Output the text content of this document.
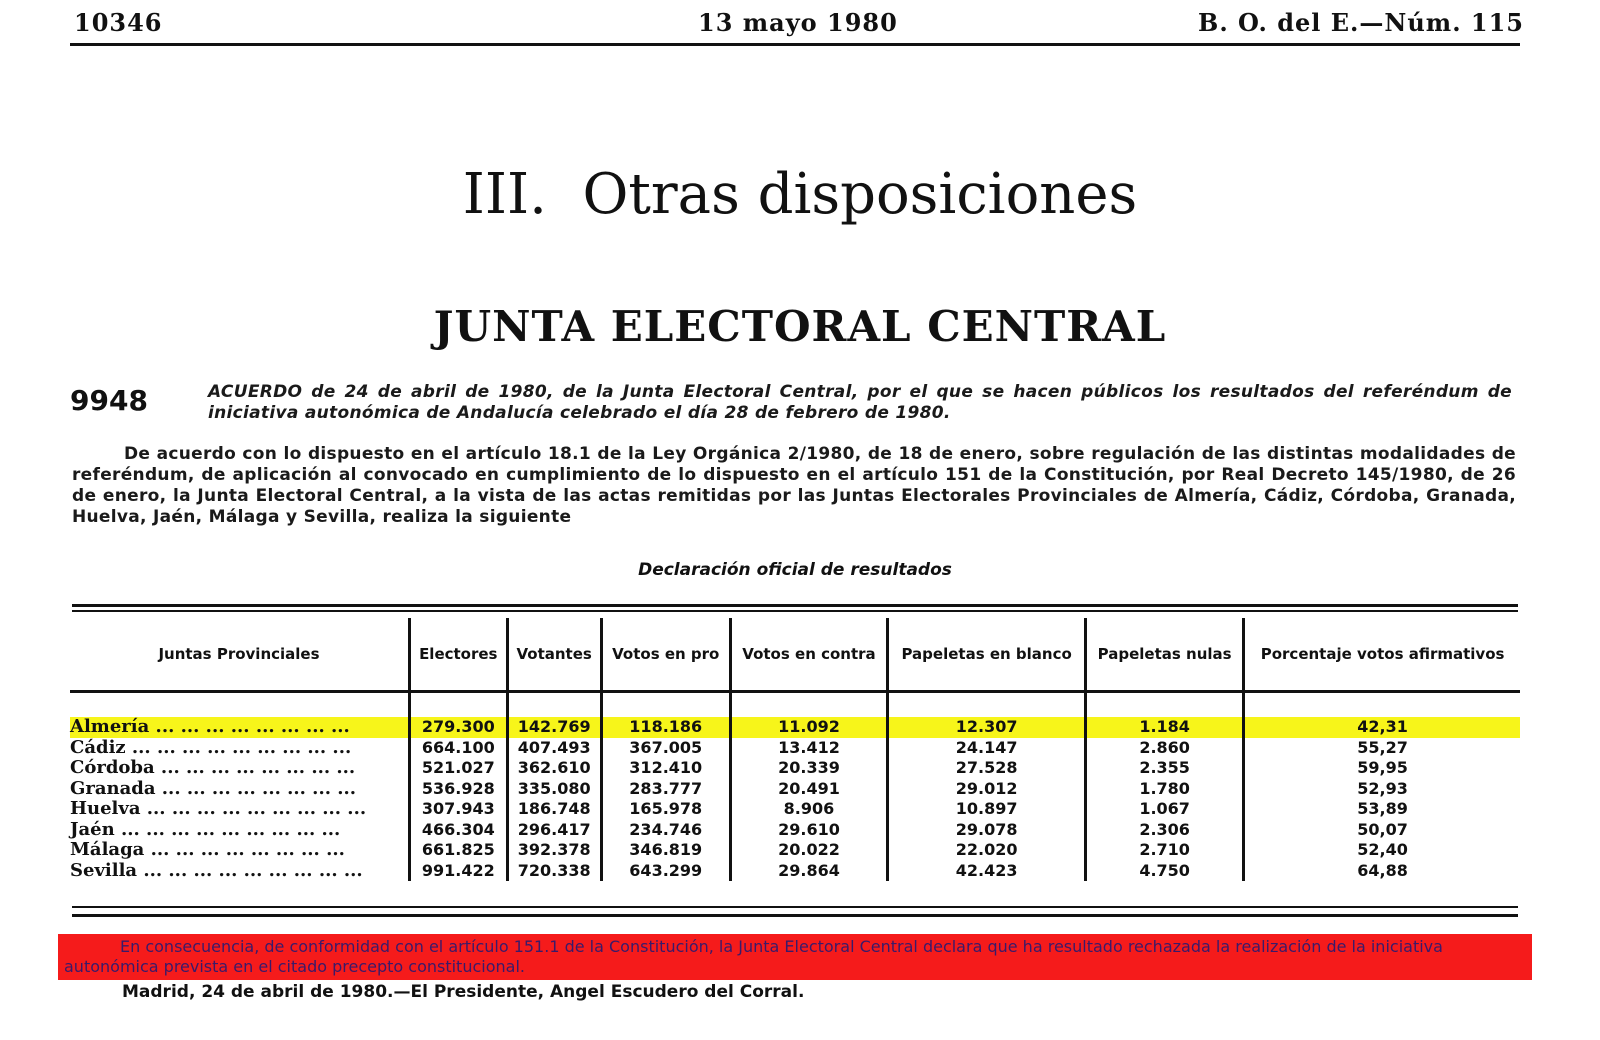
10346	13 mayo 1980	B. O. del E.—Núm. 115
III.  Otras disposiciones
JUNTA ELECTORAL CENTRAL
9948	ACUERDO de 24 de abril de 1980, de la Junta Electoral Central, por el que se hacen públicos los resultados del referéndum de iniciativa autonómica de Andalucía celebrado el día 28 de febrero de 1980.
De acuerdo con lo dispuesto en el artículo 18.1 de la Ley Orgánica 2/1980, de 18 de enero, sobre regulación de las distintas modalidades de referéndum, de aplicación al convocado en cumplimiento de lo dispuesto en el artículo 151 de la Constitución, por Real Decreto 145/1980, de 26 de enero, la Junta Electoral Central, a la vista de las actas remitidas por las Juntas Electorales Provinciales de Almería, Cádiz, Córdoba, Granada, Huelva, Jaén, Málaga y Sevilla, realiza la siguiente
Declaración oficial de resultados
Juntas Provinciales	Electores	Votantes	Votos en pro	Votos en contra	Papeletas en blanco	Papeletas nulas	Porcentaje votos afirmativos

Almería ... ... ... ... ... ... ... ...	279.300	142.769	118.186	11.092	12.307	1.184	42,31
Cádiz ... ... ... ... ... ... ... ... ...	664.100	407.493	367.005	13.412	24.147	2.860	55,27
Córdoba ... ... ... ... ... ... ... ...	521.027	362.610	312.410	20.339	27.528	2.355	59,95
Granada ... ... ... ... ... ... ... ...	536.928	335.080	283.777	20.491	29.012	1.780	52,93
Huelva ... ... ... ... ... ... ... ... ...	307.943	186.748	165.978	8.906	10.897	1.067	53,89
Jaén ... ... ... ... ... ... ... ... ...	466.304	296.417	234.746	29.610	29.078	2.306	50,07
Málaga ... ... ... ... ... ... ... ...	661.825	392.378	346.819	20.022	22.020	2.710	52,40
Sevilla ... ... ... ... ... ... ... ... ...	991.422	720.338	643.299	29.864	42.423	4.750	64,88
En consecuencia, de conformidad con el artículo 151.1 de la Constitución, la Junta Electoral Central declara que ha resultado rechazada la realización de la iniciativa autonómica prevista en el citado precepto constitucional.
Madrid, 24 de abril de 1980.—El Presidente, Angel Escudero del Corral.
